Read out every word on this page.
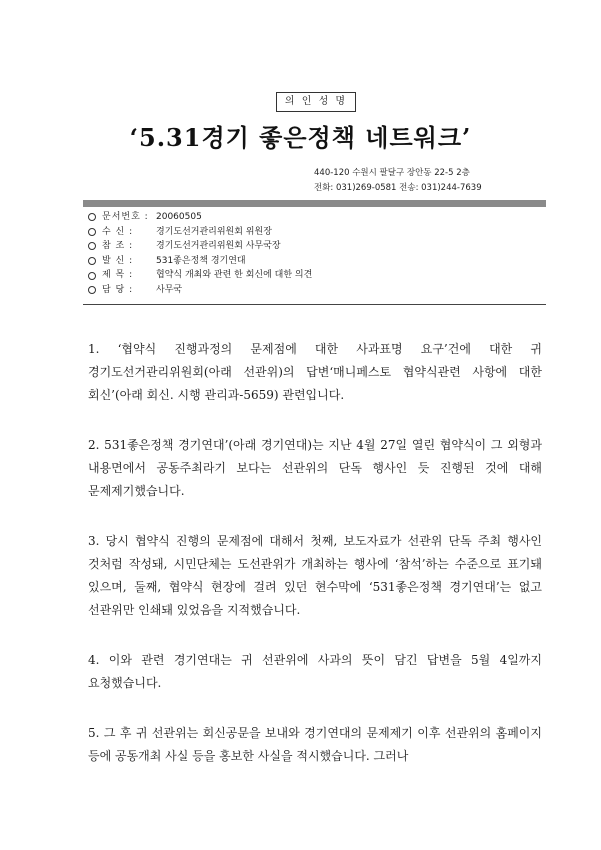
의 인 성 명
‘5.31경기 좋은정책 네트워크’
440-120 수원시 팔달구 장안동 22-5 2층
전화: 031)269-0581 전송: 031)244-7639
문서번호 : 20060505
수 신 :	경기도선거관리위원회 위원장
참 조 :	경기도선거관리위원회 사무국장
발 신 :	531좋은정책 경기연대
제 목 :	협약식 개최와 관련 한 회신에 대한 의견
담 당 :	사무국

1. ‘협약식 진행과정의 문제점에 대한 사과표명 요구’건에 대한 귀 경기도선거관리위원회(아래 선관위)의 답변‘매니페스토 협약식관련 사항에 대한 회신’(아래 회신. 시행 관리과-5659) 관련입니다.

2. 531좋은정책 경기연대’(아래 경기연대)는 지난 4월 27일 열린 협약식이 그 외형과 내용면에서 공동주최라기 보다는 선관위의 단독 행사인 듯 진행된 것에 대해 문제제기했습니다.

3. 당시 협약식 진행의 문제점에 대해서 첫째, 보도자료가 선관위 단독 주최 행사인 것처럼 작성돼, 시민단체는 도선관위가 개최하는 행사에 ‘참석’하는 수준으로 표기돼 있으며, 둘째, 협약식 현장에 걸려 있던 현수막에 ‘531좋은정책 경기연대’는 없고 선관위만 인쇄돼 있었음을 지적했습니다.

4. 이와 관련 경기연대는 귀 선관위에 사과의 뜻이 담긴 답변을 5월 4일까지 요청했습니다.

5. 그 후 귀 선관위는 회신공문을 보내와 경기연대의 문제제기 이후 선관위의 홈페이지 등에 공동개최 사실 등을 홍보한 사실을 적시했습니다. 그러나
